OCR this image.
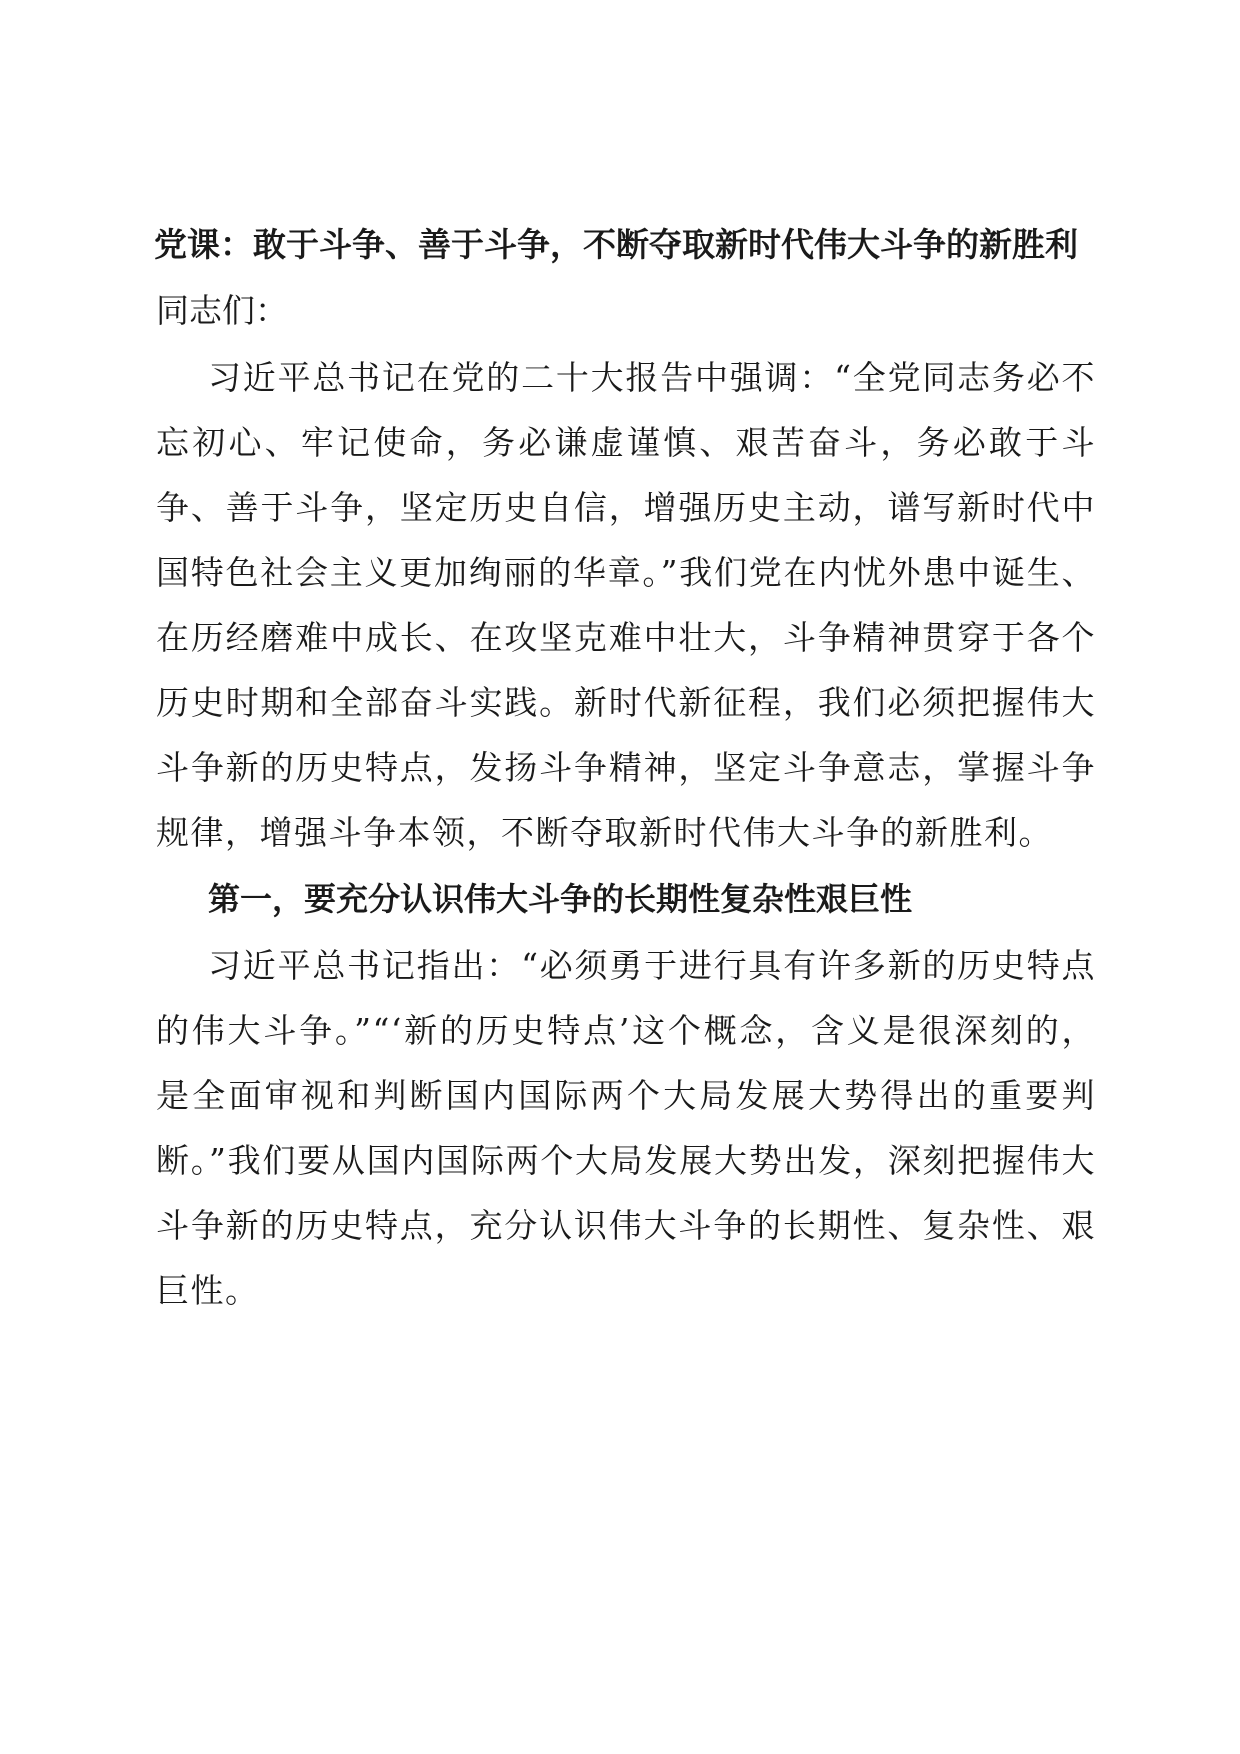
党课：敢于斗争、善于斗争，不断夺取新时代伟大斗争的新胜利

同志们：

习近平总书记在党的二十大报告中强调：“全党同志务必不忘初心、牢记使命，务必谦虚谨慎、艰苦奋斗，务必敢于斗争、善于斗争，坚定历史自信，增强历史主动，谱写新时代中国特色社会主义更加绚丽的华章。”我们党在内忧外患中诞生、在历经磨难中成长、在攻坚克难中壮大，斗争精神贯穿于各个历史时期和全部奋斗实践。新时代新征程，我们必须把握伟大斗争新的历史特点，发扬斗争精神，坚定斗争意志，掌握斗争规律，增强斗争本领，不断夺取新时代伟大斗争的新胜利。

第一，要充分认识伟大斗争的长期性复杂性艰巨性

习近平总书记指出：“必须勇于进行具有许多新的历史特点的伟大斗争。”“‘新的历史特点’这个概念，含义是很深刻的，是全面审视和判断国内国际两个大局发展大势得出的重要判断。”我们要从国内国际两个大局发展大势出发，深刻把握伟大斗争新的历史特点，充分认识伟大斗争的长期性、复杂性、艰巨性。
